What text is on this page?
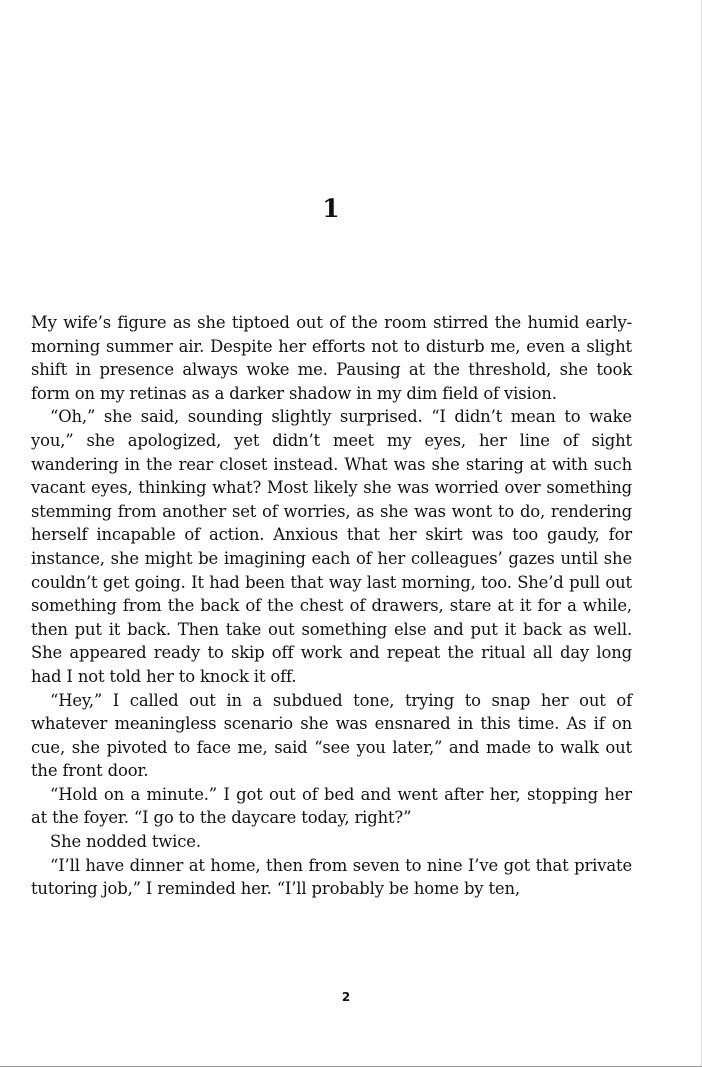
1

My wife’s figure as she tiptoed out of the room stirred the humid early-morning summer air. Despite her efforts not to disturb me, even a slight shift in presence always woke me. Pausing at the threshold, she took form on my retinas as a darker shadow in my dim field of vision.

“Oh,” she said, sounding slightly surprised. “I didn’t mean to wake you,” she apologized, yet didn’t meet my eyes, her line of sight wandering in the rear closet instead. What was she staring at with such vacant eyes, thinking what? Most likely she was worried over something stemming from another set of worries, as she was wont to do, rendering herself incapable of action. Anxious that her skirt was too gaudy, for instance, she might be imagining each of her colleagues’ gazes until she couldn’t get going. It had been that way last morning, too. She’d pull out something from the back of the chest of drawers, stare at it for a while, then put it back. Then take out something else and put it back as well. She appeared ready to skip off work and repeat the ritual all day long had I not told her to knock it off.

“Hey,” I called out in a subdued tone, trying to snap her out of whatever meaningless scenario she was ensnared in this time. As if on cue, she pivoted to face me, said “see you later,” and made to walk out the front door.

“Hold on a minute.” I got out of bed and went after her, stopping her at the foyer. “I go to the daycare today, right?”

She nodded twice.

“I’ll have dinner at home, then from seven to nine I’ve got that private tutoring job,” I reminded her. “I’ll probably be home by ten,

2
